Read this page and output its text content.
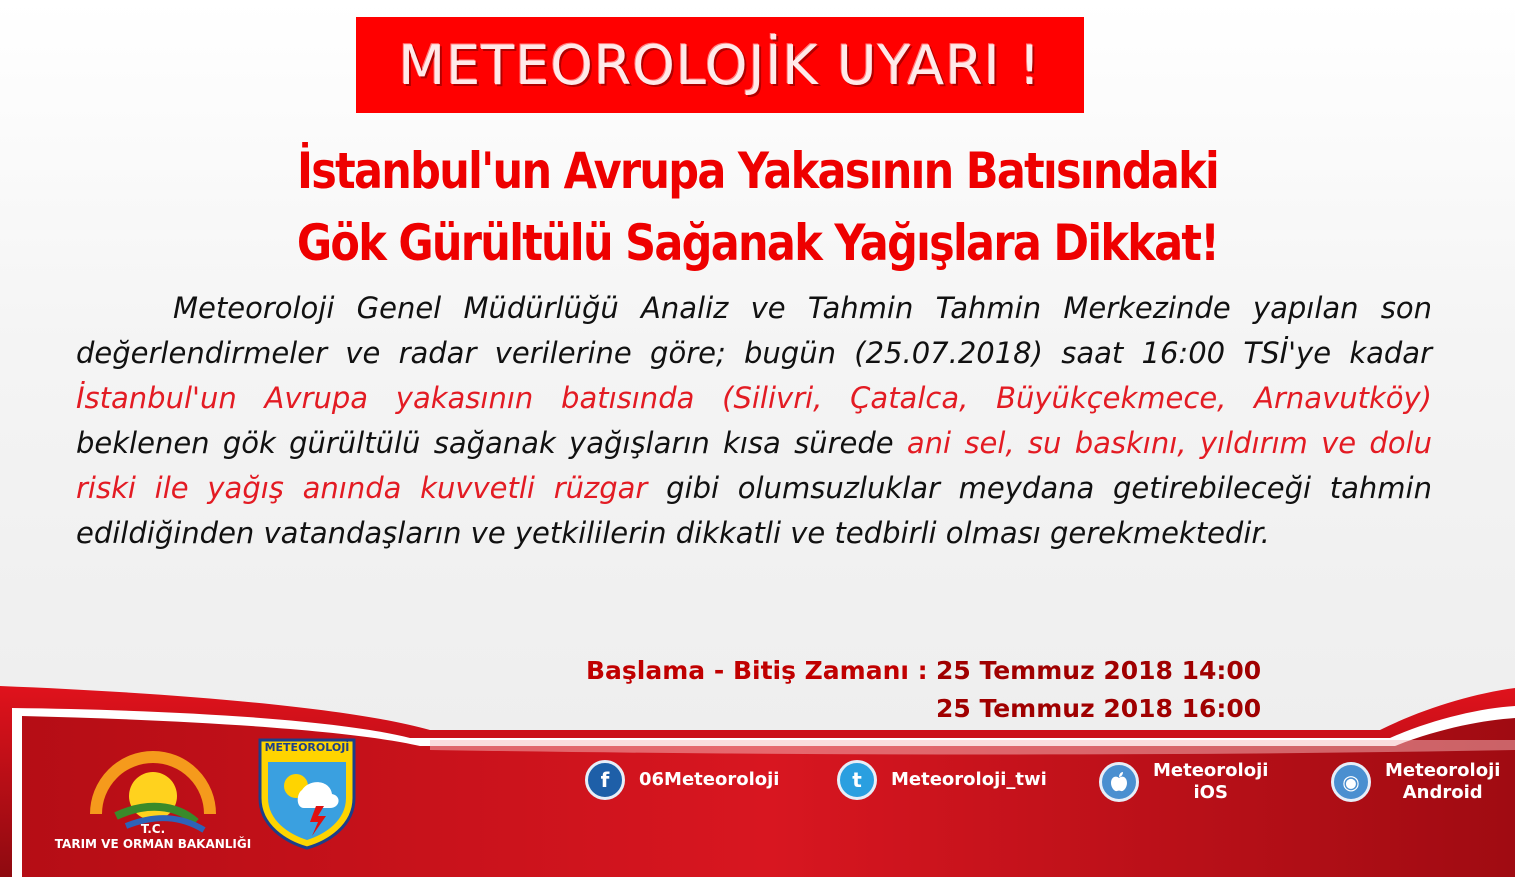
METEOROLOJİK UYARI !
İstanbul'un Avrupa Yakasının Batısındaki
Gök Gürültülü Sağanak Yağışlara Dikkat!

Meteoroloji Genel Müdürlüğü Analiz ve Tahmin Tahmin Merkezinde yapılan son değerlendirmeler ve radar verilerine göre; bugün (25.07.2018) saat 16:00 TSİ'ye kadar İstanbul'un Avrupa yakasının batısında (Silivri, Çatalca, Büyükçekmece, Arnavutköy) beklenen gök gürültülü sağanak yağışların kısa sürede ani sel, su baskını, yıldırım ve dolu riski ile yağış anında kuvvetli rüzgar gibi olumsuzluklar meydana getirebileceği tahmin edildiğinden vatandaşların ve yetkililerin dikkatli ve tedbirli olması gerekmektedir.

Başlama - Bitiş Zamanı : 25 Temmuz 2018 14:00
25 Temmuz 2018 16:00
T.C.
TARIM VE ORMAN BAKANLIĞI
METEOROLOJİ
f	06Meteoroloji	t	Meteoroloji_twi	Meteoroloji
iOS	◉	Meteoroloji
Android
